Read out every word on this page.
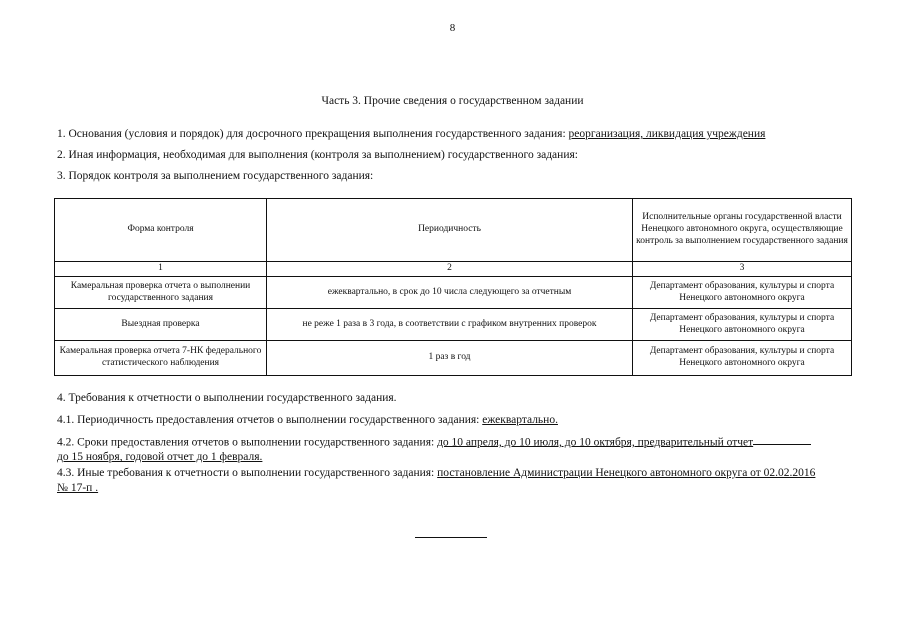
8
Часть 3. Прочие сведения о государственном задании
1. Основания (условия и порядок) для досрочного прекращения выполнения государственного задания: реорганизация, ликвидация учреждения
2. Иная информация, необходимая для выполнения (контроля за выполнением) государственного задания:
3. Порядок контроля за выполнением государственного задания:
Форма контроля	Периодичность	Исполнительные органы государственной власти Ненецкого автономного округа, осуществляющие контроль за выполнением государственного задания
1	2	3
Камеральная проверка отчета о выполнении государственного задания	ежеквартально, в срок до 10 числа следующего за отчетным	Департамент образования, культуры и спорта Ненецкого автономного округа
Выездная проверка	не реже 1 раза в 3 года, в соответствии с графиком внутренних проверок	Департамент образования, культуры и спорта Ненецкого автономного округа
Камеральная проверка отчета 7-НК федерального статистического наблюдения	1 раз в год	Департамент образования, культуры и спорта Ненецкого автономного округа
4. Требования к отчетности о выполнении государственного задания.
4.1. Периодичность предоставления отчетов о выполнении государственного задания: ежеквартально.
4.2. Сроки предоставления отчетов о выполнении государственного задания: до 10 апреля, до 10 июля, до 10 октября, предварительный отчет
до 15 ноября, годовой отчет до 1 февраля.
4.3. Иные требования к отчетности о выполнении государственного задания: постановление Администрации Ненецкого автономного округа от 02.02.2016
№ 17-п .
